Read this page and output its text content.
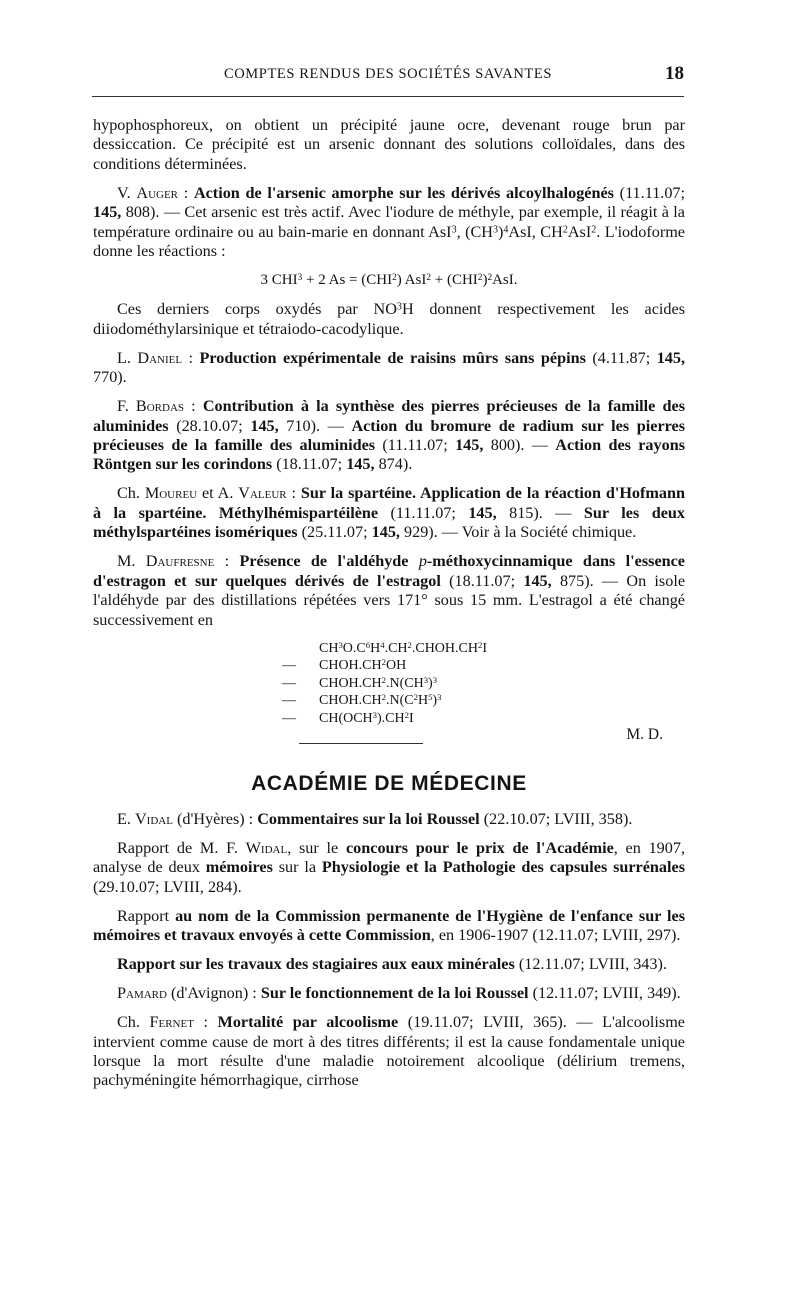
COMPTES RENDUS DES SOCIÉTÉS SAVANTES	18

hypophosphoreux, on obtient un précipité jaune ocre, devenant rouge brun par dessiccation. Ce précipité est un arsenic donnant des solutions colloïdales, dans des conditions déterminées.

V. Auger : Action de l'arsenic amorphe sur les dérivés alcoylhalogénés (11.11.07; 145, 808). — Cet arsenic est très actif. Avec l'iodure de méthyle, par exemple, il réagit à la température ordinaire ou au bain-marie en donnant AsI$^3$, $(CH^3)^4AsI$, $CH^2AsI^2$. L'iodoforme donne les réactions :

3 $CHI^3 + 2$ $As = (CHI^2) AsI^2 + (CHI^2)^2AsI$.

Ces derniers corps oxydés par $NO^3H$ donnent respectivement les acides diiodométhylarsinique et tétraiodo-cacodylique.

L. Daniel : Production expérimentale de raisins mûrs sans pépins (4.11.87; 145, 770).

F. Bordas : Contribution à la synthèse des pierres précieuses de la famille des aluminides (28.10.07; 145, 710). — Action du bromure de radium sur les pierres précieuses de la famille des aluminides (11.11.07; 145, 800). — Action des rayons Röntgen sur les corindons (18.11.07; 145, 874).

Ch. Moureu et A. Valeur : Sur la spartéine. Application de la réaction d'Hofmann à la spartéine. Méthylhémispartéilène (11.11.07; 145, 815). — Sur les deux méthylspartéines isomériques (25.11.07; 145, 929). — Voir à la Société chimique.

M. Daufresne : Présence de l'aldéhyde p-méthoxycinnamique dans l'essence d'estragon et sur quelques dérivés de l'estragol (18.11.07; 145, 875). — On isole l'aldéhyde par des distillations répétées vers 171° sous 15 mm. L'estragol a été changé successivement en

$CH^3O.C^6H^4.CH^2.CHOH.CH^2I$
— $CHOH.CH^2OH$
— $CHOH.CH^2.N(CH^3)^3$
— $CHOH.CH^2.N(C^2H^5)^3$
— $CH(OCH^3).CH^2I$
M. D.
ACADÉMIE DE MÉDECINE

E. Vidal (d'Hyères) : Commentaires sur la loi Roussel (22.10.07; LVIII, 358).

Rapport de M. F. Widal, sur le concours pour le prix de l'Académie, en 1907, analyse de deux mémoires sur la Physiologie et la Pathologie des capsules surrénales (29.10.07; LVIII, 284).

Rapport au nom de la Commission permanente de l'Hygiène de l'enfance sur les mémoires et travaux envoyés à cette Commission, en 1906-1907 (12.11.07; LVIII, 297).

Rapport sur les travaux des stagiaires aux eaux minérales (12.11.07; LVIII, 343).

Pamard (d'Avignon) : Sur le fonctionnement de la loi Roussel (12.11.07; LVIII, 349).

Ch. Fernet : Mortalité par alcoolisme (19.11.07; LVIII, 365). — L'alcoolisme intervient comme cause de mort à des titres différents; il est la cause fondamentale unique lorsque la mort résulte d'une maladie notoirement alcoolique (délirium tremens, pachyméningite hémorrhagique, cirrhose
